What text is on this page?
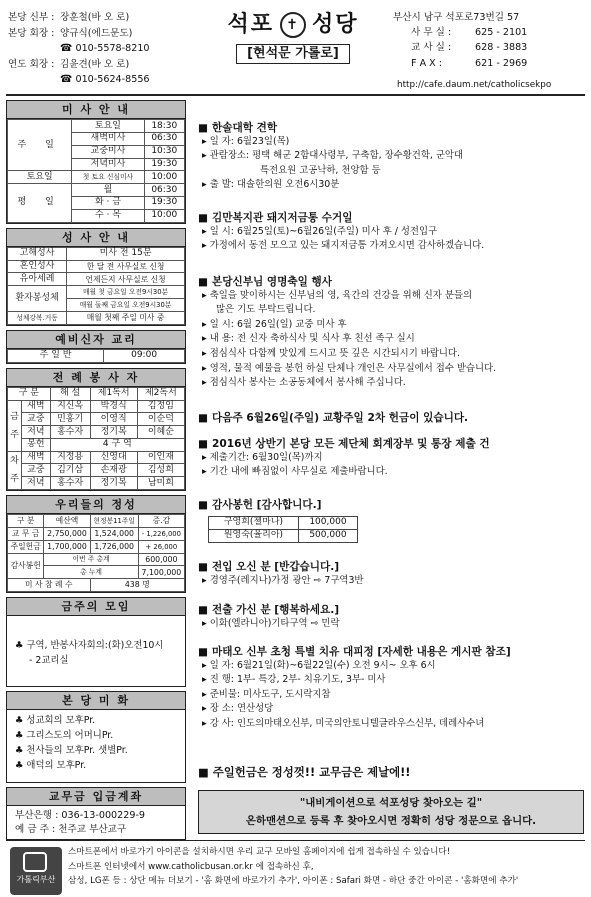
본당 신부 : 장훈철(바 오 로)
본당 회장 : 양규식(에드문도)
☎ 010-5578-8210
연도 회장 : 김윤견(바 오 로)
☎ 010-5624-8556
석포 ✝ 성당
[현석문 가롤로]
부산시 남구 석포로73번길 57
사 무 실 :	625 - 2101
교 사 실 :	628 - 3883
F A X :	621 - 2969
http://cafe.daum.net/catholicsekpo
미 사 안 내
주 일	토요일	18:30
	새벽미사	06:30
	교중미사	10:30
	저녁미사	19:30
토요일	첫 토요 신심미사	10:00
평 일	월	06:30
	화 · 금	19:30
	수 · 목	10:00
성 사 안 내
고해성사	미사 전 15분
혼인성사	한 달 전 사무실로 신청
유아세례	언제든지 사무실로 신청
환자봉성체	매월 첫 금요일 오전9시30분
	매월 둘째 금요일 오전9시30분
성체강복.거동	매월 첫째 주일 미사 중
예비신자 교리
주 일 반	09:00
전 례 봉 사 자
구 분		해 설	제1독서	제2독서
금 주	새벽	지신옥	박경식	김정임
	교중	민홍기	이영직	이순덕
	저녁	홍수자	정기복	이혜순
	봉헌	4 구 역		
차 주	새벽	지정용	신영대	이인재
	교중	김기삼	손재광	김성희
	저녁	홍수자	정기복	남미희
우리들의 정성
구 분	예산액	현정봉11주일	증.감
교 무 금	2,750,000	1,524,000	- 1,226,000
주일헌금	1,700,000	1,726,000	+ 26,000
감사봉헌	이번 주 총계		600,000
	총 누계		7,100,000
미 사 참 례 수		438 명	
금주의 모임
♣ 구역, 반봉사자회의:(화)오전10시
- 2교리실
본 당 미 화
♣ 성교회의 모후Pr.
♣ 그리스도의 어머니Pr.
♣ 천사들의 모후Pr. 샛별Pr.
♣ 애덕의 모후Pr.
교무금 입금계좌
부산은행 : 036-13-000229-9
예 금 주 : 천주교 부산교구
■ 한솔대학 견학
▸ 일 자: 6월23일(목)
▸ 관람장소: 평택 해군 2함대사령부, 구축함, 장수황건학, 군악대
특전요원 고공낙하, 천앙함 등
▸ 출 발: 대솔한의원 오전6시30분
■ 김만복지관 돼지저금통 수거일
▸ 일 시: 6월25일(토)~6월26일(주일) 미사 후 / 성전입구
▸ 가정에서 동전 모으고 있는 돼지저금통 가져오시면 감사하겠습니다.
■ 본당신부님 영명축일 행사
▸ 축일을 맞이하시는 신부님의 영, 육간의 건강을 위해 신자 분들의
많은 기도 부탁드립니다.
▸ 일 시: 6월 26일(일) 교중 미사 후
▸ 내 용: 전 신자 축하식사 및 식사 후 친선 족구 실시
▸ 점심식사 다함께 맛있게 드시고 뜻 깊은 시간되시기 바랍니다.
▸ 영적, 물적 예물을 봉헌 하실 단체나 개인은 사무실에서 접수 받습니다.
▸ 점심식사 봉사는 소공동체에서 봉사해 주십니다.
■ 다음주 6월26일(주일) 교황주일 2차 헌금이 있습니다.
■ 2016년 상반기 본당 모든 제단체 회계장부 및 통장 제출 건
▸ 제출기간: 6월30일(목)까지
▸ 기간 내에 빠짐없이 사무실로 제출바랍니다.
■ 감사봉헌 [감사합니다.]
구영희(젤마나)	100,000
원영숙(율리아)	500,000
■ 전입 오신 분 [반갑습니다.]
▸ 경영주(레지나)가정 광안 ⇨ 7구역3반
■ 전출 가신 분 [행복하세요.]
▸ 이화(엘라니아)기타구역 ⇨ 민락
■ 마태오 신부 초청 특별 치유 대피정 [자세한 내용은 게시판 참조]
▸ 일 자: 6월21일(화)~6월22일(수) 오전 9시~ 오후 6시
▸ 진 행: 1부- 특강, 2부- 치유기도, 3부- 미사
▸ 준비물: 미사도구, 도시락지참
▸ 장 소: 연산성당
▸ 강 사: 인도의마태오신부, 미국의안토니텔글라우스신부, 데레사수녀
■ 주일헌금은 정성껏!! 교무금은 제날에!!
"내비게이션으로 석포성당 찾아오는 길"
온하맨션으로 등록 후 찾아오시면 정확히 성당 정문으로 옵니다.
가톨릭부산
스마트폰에서 바로가기 아이콘을 설치하시면 우리 교구 모바일 홈페이지에 쉽게 접속하실 수 있습니다!
스마트폰 인터넷에서 www.catholicbusan.or.kr 에 접속하신 후,
삼성, LG폰 등 : 상단 메뉴 더보기 - '홈 화면에 바로가기 추가', 아이폰 : Safari 화면 - 하단 중간 아이콘 - '홈화면에 추가'
